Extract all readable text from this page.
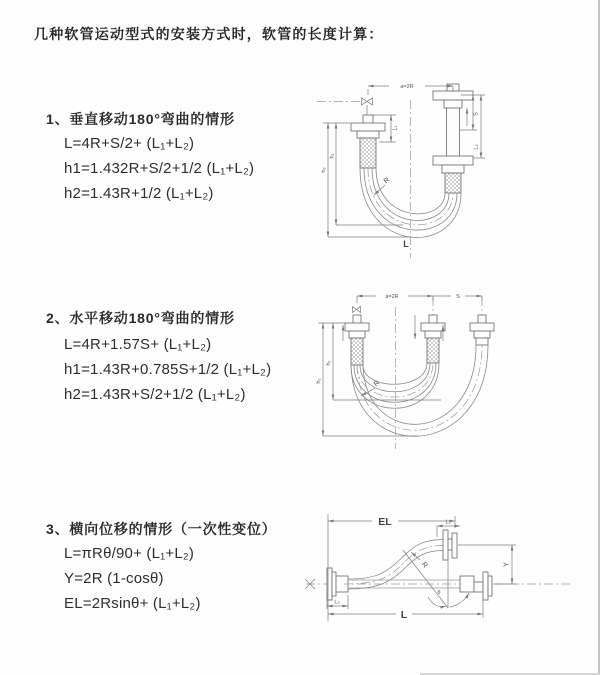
几种软管运动型式的安装方式时，软管的长度计算：
1、垂直移动180°弯曲的情形
L=4R+S/2+ (L₁+L₂)
h1=1.432R+S/2+1/2 (L₁+L₂)
h2=1.43R+1/2 (L₁+L₂)
2、水平移动180°弯曲的情形
L=4R+1.57S+ (L₁+L₂)
h1=1.43R+0.785S+1/2 (L₁+L₂)
h2=1.43R+S/2+1/2 (L₁+L₂)
3、横向位移的情形（一次性变位）
L=πRθ/90+ (L₁+L₂)
Y=2R (1-cosθ)
EL=2Rsinθ+ (L₁+L₂)
a=2R
h₁
h₂
L₁
S
L₂
R
L
a=2R	S
h₁
h₂	R
θ
R
EL	L₁
Y
L
L₂
